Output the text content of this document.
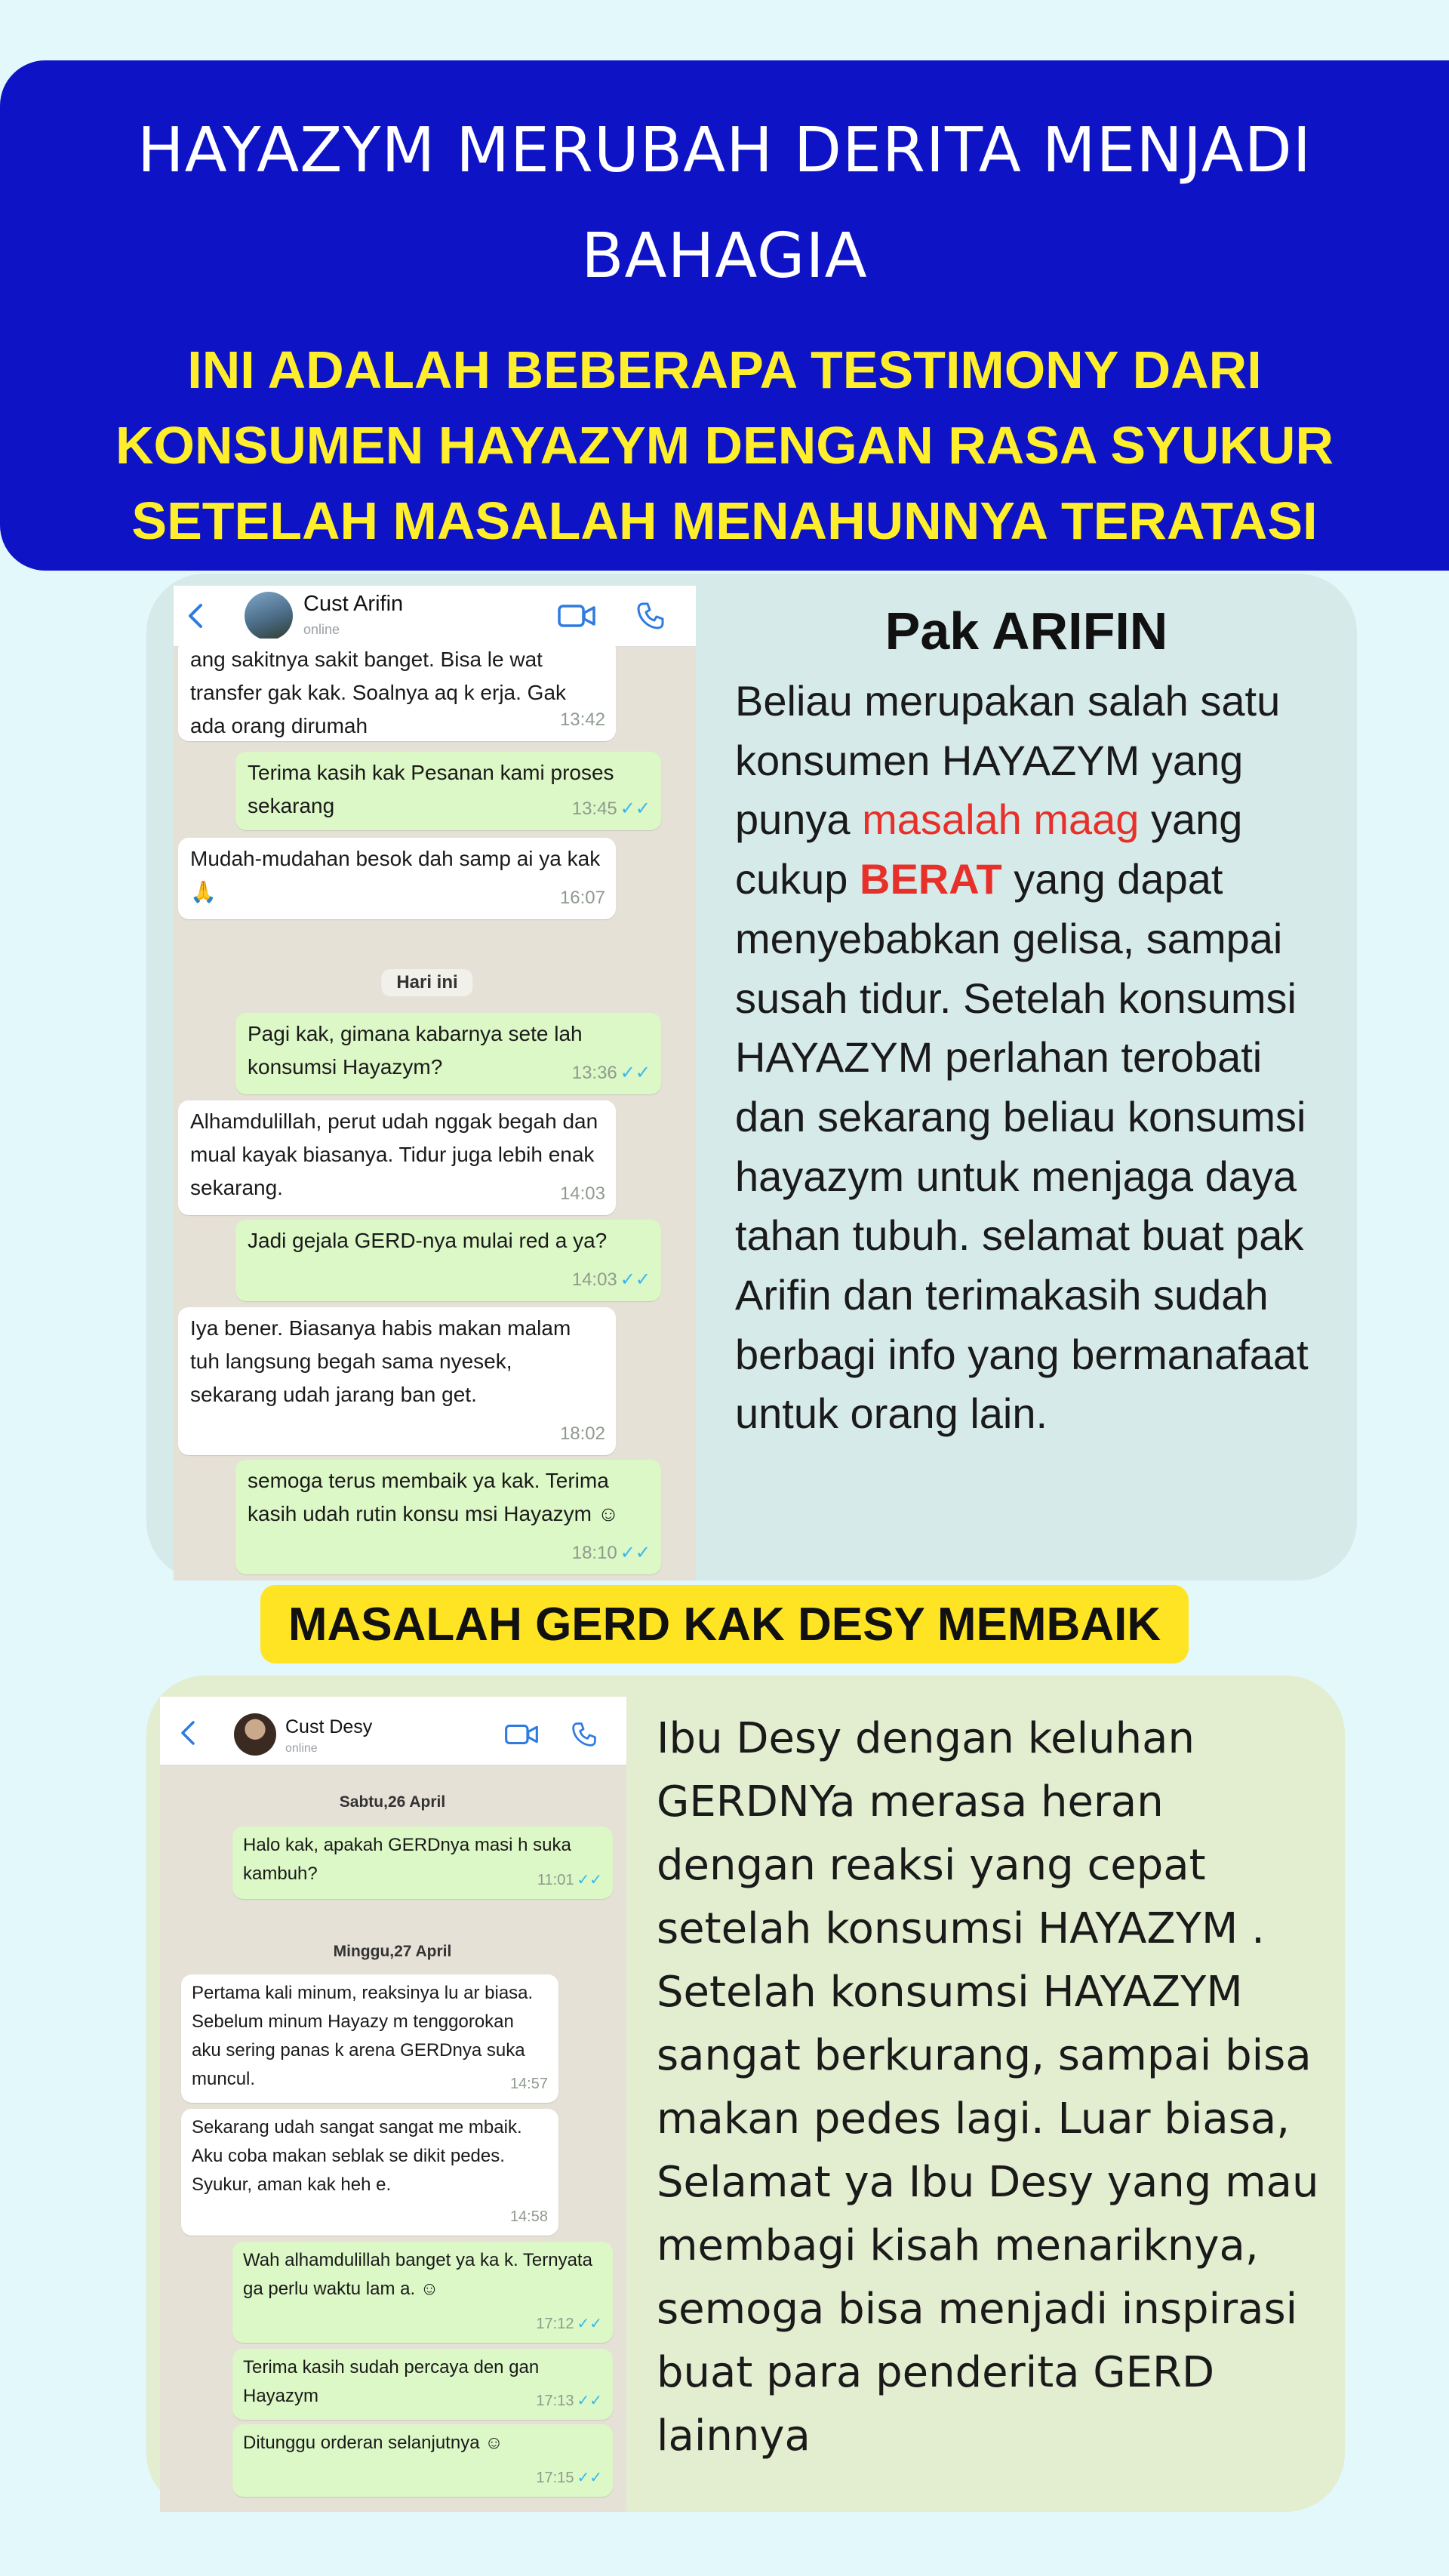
HAYAZYM MERUBAH DERITA MENJADI
BAHAGIA
INI ADALAH BEBERAPA TESTIMONY DARI
KONSUMEN HAYAZYM DENGAN RASA SYUKUR
SETELAH MASALAH MENAHUNNYA TERATASI
Cust Arifin
online
ang sakitnya sakit banget. Bisa le wat transfer gak kak. Soalnya aq k erja. Gak ada orang dirumah	13:42
Terima kasih kak Pesanan kami proses sekarang	13:45 ✓✓
Mudah-mudahan besok dah samp ai ya kak 🙏	16:07
Hari ini
Pagi kak, gimana kabarnya sete lah konsumsi Hayazym?	13:36 ✓✓
Alhamdulillah, perut udah nggak begah dan mual kayak biasanya. Tidur juga lebih enak sekarang.	14:03
Jadi gejala GERD-nya mulai red a ya?
14:03 ✓✓
Iya bener. Biasanya habis makan malam tuh langsung begah sama nyesek, sekarang udah jarang ban get.
18:02
semoga terus membaik ya kak. Terima kasih udah rutin konsu msi Hayazym ☺
18:10 ✓✓
Pak ARIFIN
Beliau merupakan salah satu konsumen HAYAZYM yang punya masalah maag yang cukup BERAT yang dapat menyebabkan gelisa, sampai susah tidur. Setelah konsumsi HAYAZYM perlahan terobati dan sekarang beliau konsumsi hayazym untuk menjaga daya tahan tubuh. selamat buat pak Arifin dan terimakasih sudah berbagi info yang bermanafaat untuk orang lain.
MASALAH GERD KAK DESY MEMBAIK
Cust Desy
online
Sabtu,26 April
Halo kak, apakah GERDnya masi h suka kambuh?	11:01 ✓✓
Minggu,27 April
Pertama kali minum, reaksinya lu ar biasa. Sebelum minum Hayazy m tenggorokan aku sering panas k arena GERDnya suka muncul.	14:57
Sekarang udah sangat sangat me mbaik. Aku coba makan seblak se dikit pedes. Syukur, aman kak heh e.
14:58
Wah alhamdulillah banget ya ka k. Ternyata ga perlu waktu lam a. ☺
17:12 ✓✓
Terima kasih sudah percaya den gan Hayazym	17:13 ✓✓
Ditunggu orderan selanjutnya ☺
17:15 ✓✓
Ibu Desy dengan keluhan GERDNYa merasa heran dengan reaksi yang cepat setelah konsumsi HAYAZYM . Setelah konsumsi HAYAZYM sangat berkurang, sampai bisa makan pedes lagi. Luar biasa, Selamat ya Ibu Desy yang mau membagi kisah menariknya, semoga bisa menjadi inspirasi buat para penderita GERD lainnya
